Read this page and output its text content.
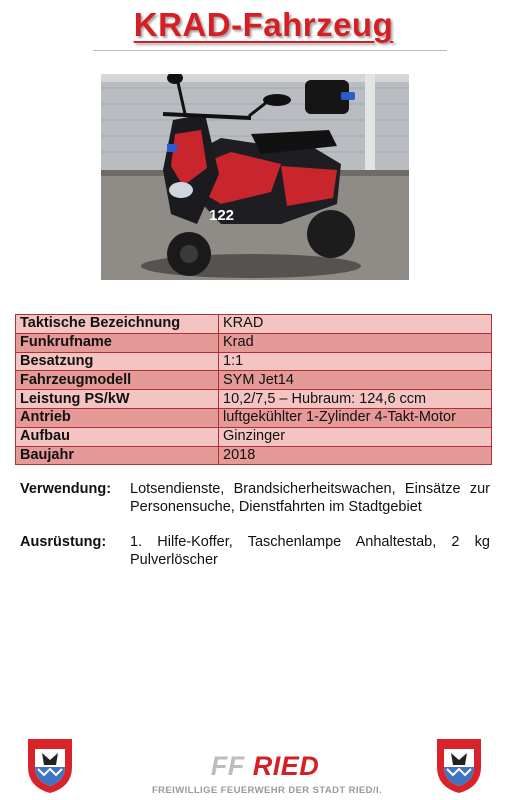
KRAD-Fahrzeug
122
Taktische Bezeichnung	KRAD
Funkrufname	Krad
Besatzung	1:1
Fahrzeugmodell	SYM Jet14
Leistung PS/kW	10,2/7,5 – Hubraum: 124,6 ccm
Antrieb	luftgekühlter 1-Zylinder 4-Takt-Motor
Aufbau	Ginzinger
Baujahr	2018
Verwendung: Lotsendienste, Brandsicherheitswachen, Einsätze zur Personensuche, Dienstfahrten im Stadtgebiet
Ausrüstung: 1. Hilfe-Koffer, Taschenlampe Anhaltestab, 2 kg Pulverlöscher
FF RIED
FREIWILLIGE FEUERWEHR DER STADT RIED/I.
